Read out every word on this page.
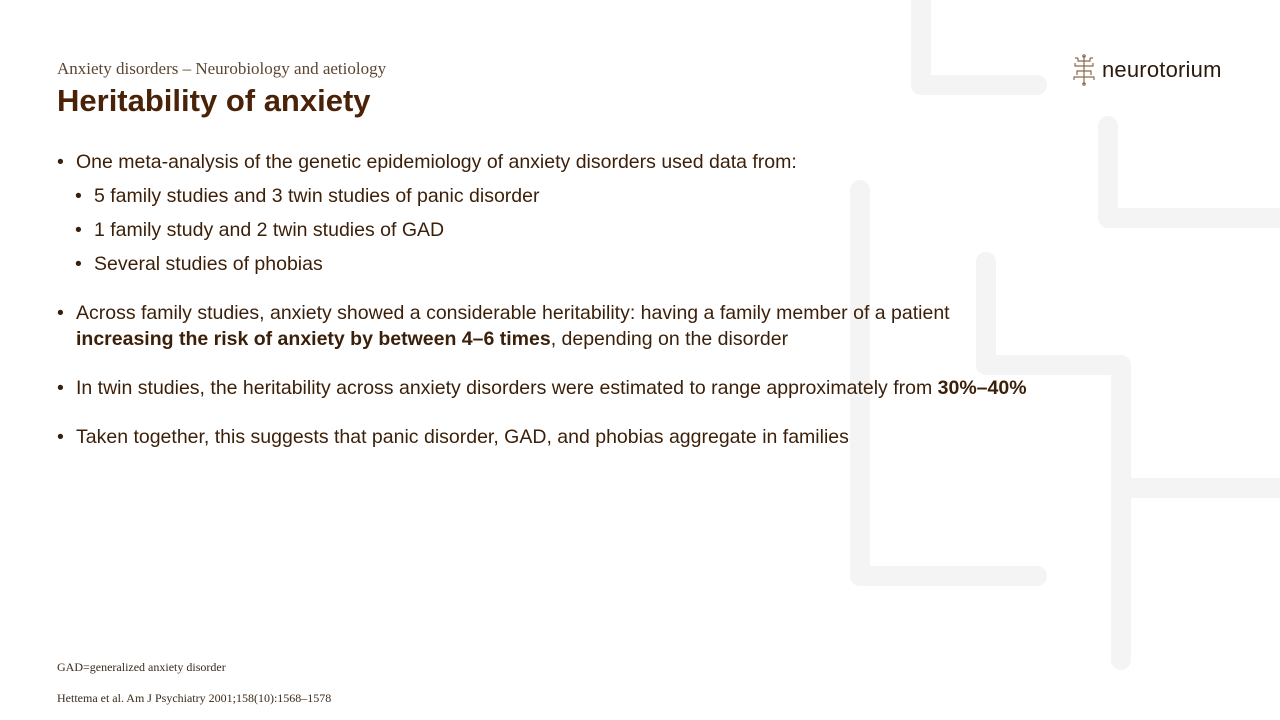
Anxiety disorders – Neurobiology and aetiology
Heritability of anxiety
neurotorium
• One meta-analysis of the genetic epidemiology of anxiety disorders used data from:
• 5 family studies and 3 twin studies of panic disorder
• 1 family study and 2 twin studies of GAD
• Several studies of phobias
• Across family studies, anxiety showed a considerable heritability: having a family member of a patient increasing the risk of anxiety by between 4–6 times, depending on the disorder
• In twin studies, the heritability across anxiety disorders were estimated to range approximately from 30%–40%
• Taken together, this suggests that panic disorder, GAD, and phobias aggregate in families
GAD=generalized anxiety disorder
Hettema et al. Am J Psychiatry 2001;158(10):1568–1578
